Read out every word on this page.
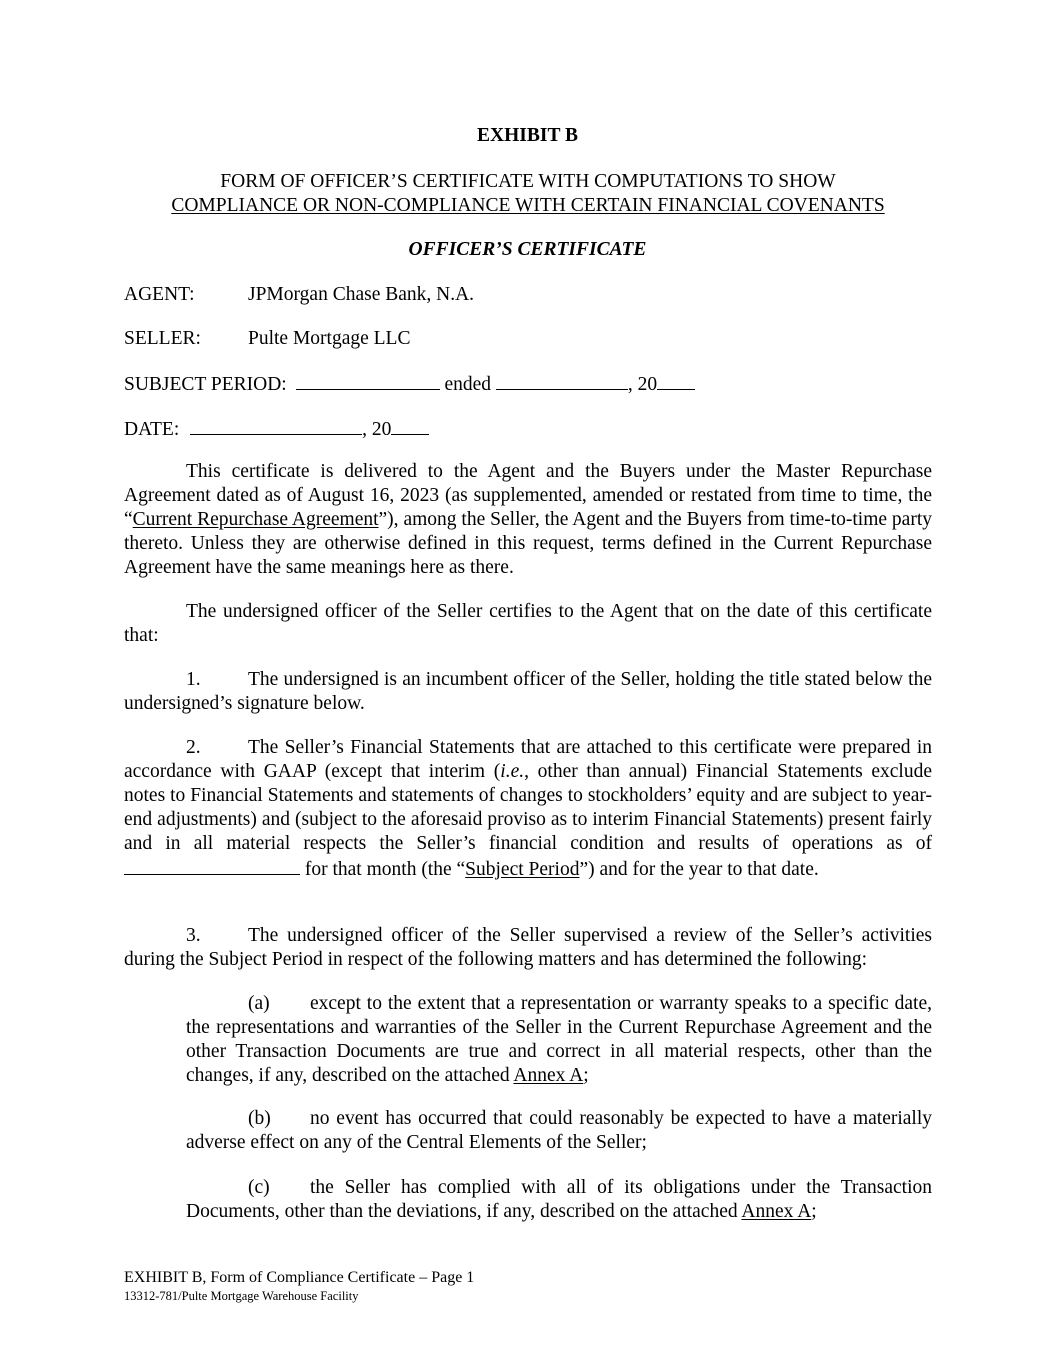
EXHIBIT B
FORM OF OFFICER’S CERTIFICATE WITH COMPUTATIONS TO SHOW
COMPLIANCE OR NON-COMPLIANCE WITH CERTAIN FINANCIAL COVENANTS
OFFICER’S CERTIFICATE
AGENT:	JPMorgan Chase Bank, N.A.
SELLER: Pulte Mortgage LLC
SUBJECT PERIOD:	ended	, 20
DATE:	, 20
This certificate is delivered to the Agent and the Buyers under the Master Repurchase Agreement dated as of August 16, 2023 (as supplemented, amended or restated from time to time, the “Current Repurchase Agreement”), among the Seller, the Agent and the Buyers from time-to-time party thereto. Unless they are otherwise defined in this request, terms defined in the Current Repurchase Agreement have the same meanings here as there.
The undersigned officer of the Seller certifies to the Agent that on the date of this certificate that:
1. The undersigned is an incumbent officer of the Seller, holding the title stated below the undersigned’s signature below.
2. The Seller’s Financial Statements that are attached to this certificate were prepared in accordance with GAAP (except that interim (i.e., other than annual) Financial Statements exclude notes to Financial Statements and statements of changes to stockholders’ equity and are subject to year-end adjustments) and (subject to the aforesaid proviso as to interim Financial Statements) present fairly and in all material respects the Seller’s financial condition and results of operations as of  for that month (the “Subject Period”) and for the year to that date.
3. The undersigned officer of the Seller supervised a review of the Seller’s activities during the Subject Period in respect of the following matters and has determined the following:
(a) except to the extent that a representation or warranty speaks to a specific date, the representations and warranties of the Seller in the Current Repurchase Agreement and the other Transaction Documents are true and correct in all material respects, other than the changes, if any, described on the attached Annex A;
(b) no event has occurred that could reasonably be expected to have a materially adverse effect on any of the Central Elements of the Seller;
(c) the Seller has complied with all of its obligations under the Transaction Documents, other than the deviations, if any, described on the attached Annex A;
EXHIBIT B, Form of Compliance Certificate – Page 1
13312-781/Pulte Mortgage Warehouse Facility
